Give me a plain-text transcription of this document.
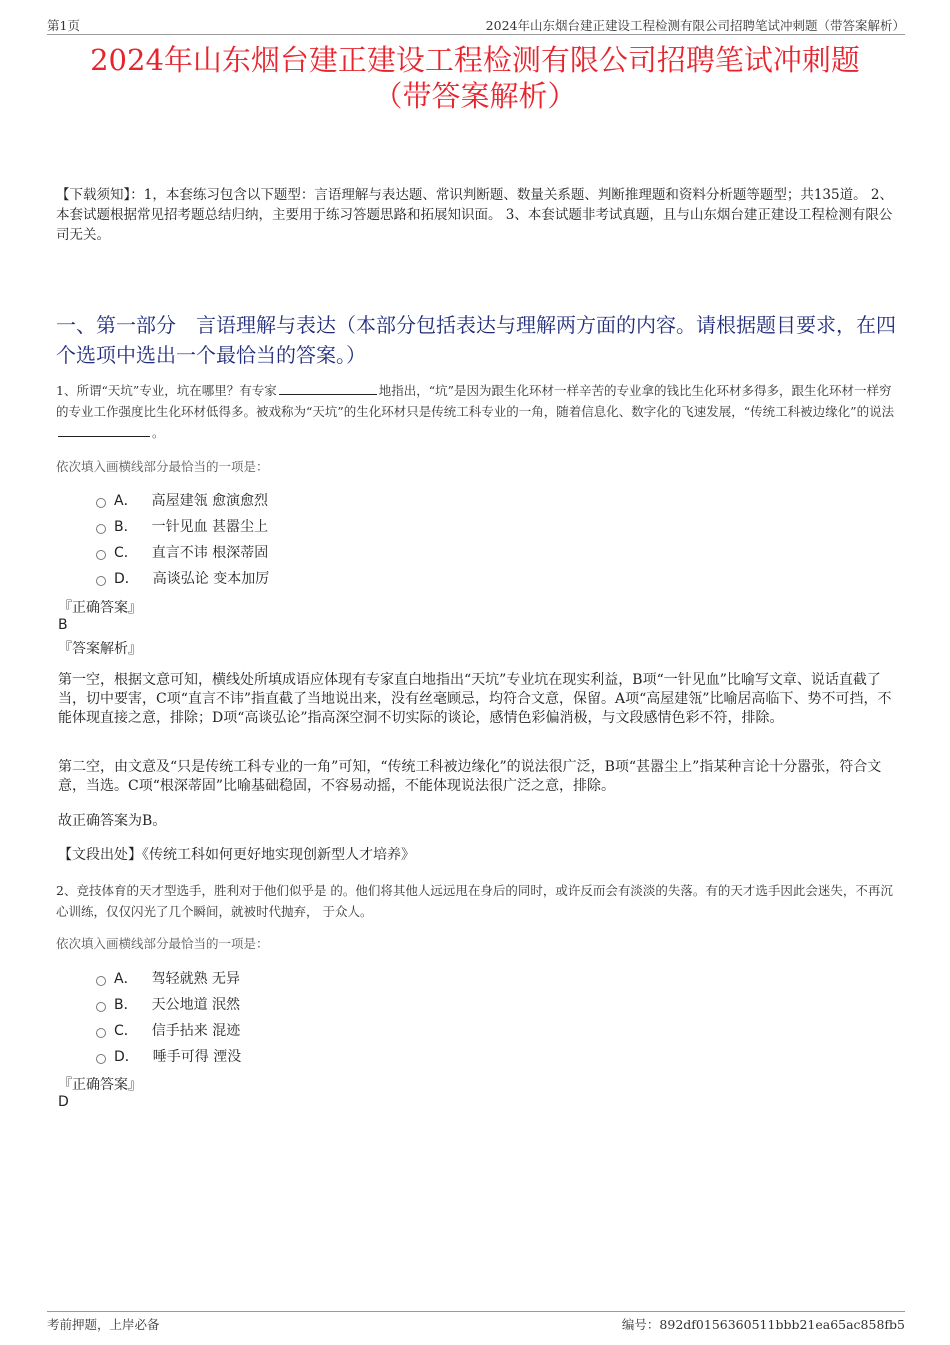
第1页	2024年山东烟台建正建设工程检测有限公司招聘笔试冲刺题（带答案解析）
2024年山东烟台建正建设工程检测有限公司招聘笔试冲刺题
（带答案解析）
【下载须知】：1，本套练习包含以下题型：言语理解与表达题、常识判断题、数量关系题、判断推理题和资料分析题等题型；共135道。 2、本套试题根据常见招考题总结归纳，主要用于练习答题思路和拓展知识面。 3、本套试题非考试真题，且与山东烟台建正建设工程检测有限公司无关。
一、第一部分　言语理解与表达（本部分包括表达与理解两方面的内容。请根据题目要求，在四个选项中选出一个最恰当的答案。）
1、所谓“天坑”专业，坑在哪里？有专家	地指出，“坑”是因为跟生化环材一样辛苦的专业拿的钱比生化环材多得多，跟生化环材一样穷的专业工作强度比生化环材低得多。被戏称为“天坑”的生化环材只是传统工科专业的一角，随着信息化、数字化的飞速发展，“传统工科被边缘化”的说法。
依次填入画横线部分最恰当的一项是：
A． 高屋建瓴 愈演愈烈
B． 一针见血 甚嚣尘上
C． 直言不讳 根深蒂固
D． 高谈弘论 变本加厉
『正确答案』
B
『答案解析』
第一空，根据文意可知，横线处所填成语应体现有专家直白地指出“天坑”专业坑在现实利益，B项“一针见血”比喻写文章、说话直截了当，切中要害，C项“直言不讳”指直截了当地说出来，没有丝毫顾忌，均符合文意，保留。A项“高屋建瓴”比喻居高临下、势不可挡，不能体现直接之意，排除；D项“高谈弘论”指高深空洞不切实际的谈论，感情色彩偏消极，与文段感情色彩不符，排除。
第二空，由文意及“只是传统工科专业的一角”可知，“传统工科被边缘化”的说法很广泛，B项“甚嚣尘上”指某种言论十分嚣张，符合文意，当选。C项“根深蒂固”比喻基础稳固，不容易动摇，不能体现说法很广泛之意，排除。
故正确答案为B。
【文段出处】《传统工科如何更好地实现创新型人才培养》
2、竞技体育的天才型选手，胜利对于他们似乎是 的。他们将其他人远远甩在身后的同时，或许反而会有淡淡的失落。有的天才选手因此会迷失，不再沉心训练，仅仅闪光了几个瞬间，就被时代抛弃， 于众人。
依次填入画横线部分最恰当的一项是：
A． 驾轻就熟 无异
B． 天公地道 泯然
C． 信手拈来 混迹
D． 唾手可得 湮没
『正确答案』
D
考前押题，上岸必备	编号：892df0156360511bbb21ea65ac858fb5
